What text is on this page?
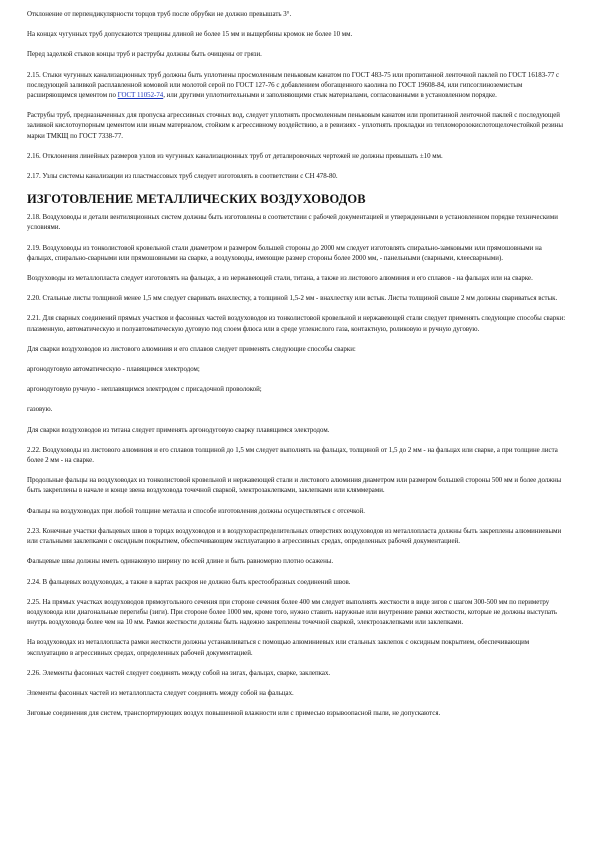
Отклонение от перпендикулярности торцов труб после обрубки не должно превышать 3°.

На концах чугунных труб допускаются трещины длиной не более 15 мм и выщербины кромок не более 10 мм.

Перед заделкой стыков концы труб и раструбы должны быть очищены от грязи.

2.15. Стыки чугунных канализационных труб должны быть уплотнены просмоленным пеньковым канатом по ГОСТ 483-75 или пропитанной ленточной паклей по ГОСТ 16183-77 с последующей заливкой расплавленной комовой или молотой серой по ГОСТ 127-76 с добавлением обогащенного каолина по ГОСТ 19608-84, или гипсоглиноземистым расширяющимся цементом по ГОСТ 11052-74, или другими уплотнительными и заполняющими стык материалами, согласованными в установленном порядке.

Раструбы труб, предназначенных для пропуска агрессивных сточных вод, следует уплотнять просмоленным пеньковым канатом или пропитанной ленточной паклей с последующей заливкой кислотоупорным цементом или иным материалом, стойким к агрессивному воздействию, а в ревизиях - уплотнять прокладки из тепломорозокислотощелочестойкой резины марки ТМКЩ по ГОСТ 7338-77.

2.16. Отклонения линейных размеров узлов из чугунных канализационных труб от деталировочных чертежей не должны превышать ±10 мм.

2.17. Узлы системы канализации из пластмассовых труб следует изготовлять в соответствии с СН 478-80.

ИЗГОТОВЛЕНИЕ МЕТАЛЛИЧЕСКИХ ВОЗДУХОВОДОВ

2.18. Воздуховоды и детали вентиляционных систем должны быть изготовлены в соответствии с рабочей документацией и утвержденными в установленном порядке техническими условиями.

2.19. Воздуховоды из тонколистовой кровельной стали диаметром и размером большей стороны до 2000 мм следует изготовлять спирально-замковыми или прямошовными на фальцах, спирально-сварными или прямошовными на сварке, а воздуховоды, имеющие размер стороны более 2000 мм, - панельными (сварными, клеесварными).

Воздуховоды из металлопласта следует изготовлять на фальцах, а из нержавеющей стали, титана, а также из листового алюминия и его сплавов - на фальцах или на сварке.

2.20. Стальные листы толщиной менее 1,5 мм следует сваривать внахлестку, а толщиной 1,5-2 мм - внахлестку или встык. Листы толщиной свыше 2 мм должны свариваться встык.

2.21. Для сварных соединений прямых участков и фасонных частей воздуховодов из тонколистовой кровельной и нержавеющей стали следует применять следующие способы сварки: плазменную, автоматическую и полуавтоматическую дуговую под слоем флюса или в среде углекислого газа, контактную, роликовую и ручную дуговую.

Для сварки воздуховодов из листового алюминия и его сплавов следует применять следующие способы сварки:

аргонодуговую автоматическую - плавящимся электродом;

аргонодуговую ручную - неплавящимся электродом с присадочной проволокой;

газовую.

Для сварки воздуховодов из титана следует применять аргонодуговую сварку плавящимся электродом.

2.22. Воздуховоды из листового алюминия и его сплавов толщиной до 1,5 мм следует выполнять на фальцах, толщиной от 1,5 до 2 мм - на фальцах или сварке, а при толщине листа более 2 мм - на сварке.

Продольные фальцы на воздуховодах из тонколистовой кровельной и нержавеющей стали и листового алюминия диаметром или размером большей стороны 500 мм и более должны быть закреплены в начале и конце звена воздуховода точечной сваркой, электрозаклепками, заклепками или кляммерами.

Фальцы на воздуховодах при любой толщине металла и способе изготовления должны осуществляться с отсечкой.

2.23. Конечные участки фальцевых швов в торцах воздуховодов и в воздухораспределительных отверстиях воздуховодов из металлопласта должны быть закреплены алюминиевыми или стальными заклепками с оксидным покрытием, обеспечивающим эксплуатацию в агрессивных средах, определенных рабочей документацией.

Фальцевые швы должны иметь одинаковую ширину по всей длине и быть равномерно плотно осажены.

2.24. В фальцевых воздуховодах, а также в картах раскроя не должно быть крестообразных соединений швов.

2.25. На прямых участках воздуховодов прямоугольного сечения при стороне сечения более 400 мм следует выполнять жесткости в виде зигов с шагом 300-500 мм по периметру воздуховода или диагональные перегибы (зиги). При стороне более 1000 мм, кроме того, нужно ставить наружные или внутренние рамки жесткости, которые не должны выступать внутрь воздуховода более чем на 10 мм. Рамки жесткости должны быть надежно закреплены точечной сваркой, электрозаклепками или заклепками.

На воздуховодах из металлопласта рамки жесткости должны устанавливаться с помощью алюминиевых или стальных заклепок с оксидным покрытием, обеспечивающим эксплуатацию в агрессивных средах, определенных рабочей документацией.

2.26. Элементы фасонных частей следует соединять между собой на зигах, фальцах, сварке, заклепках.

Элементы фасонных частей из металлопласта следует соединять между собой на фальцах.

Зиговые соединения для систем, транспортирующих воздух повышенной влажности или с примесью взрывоопасной пыли, не допускаются.
